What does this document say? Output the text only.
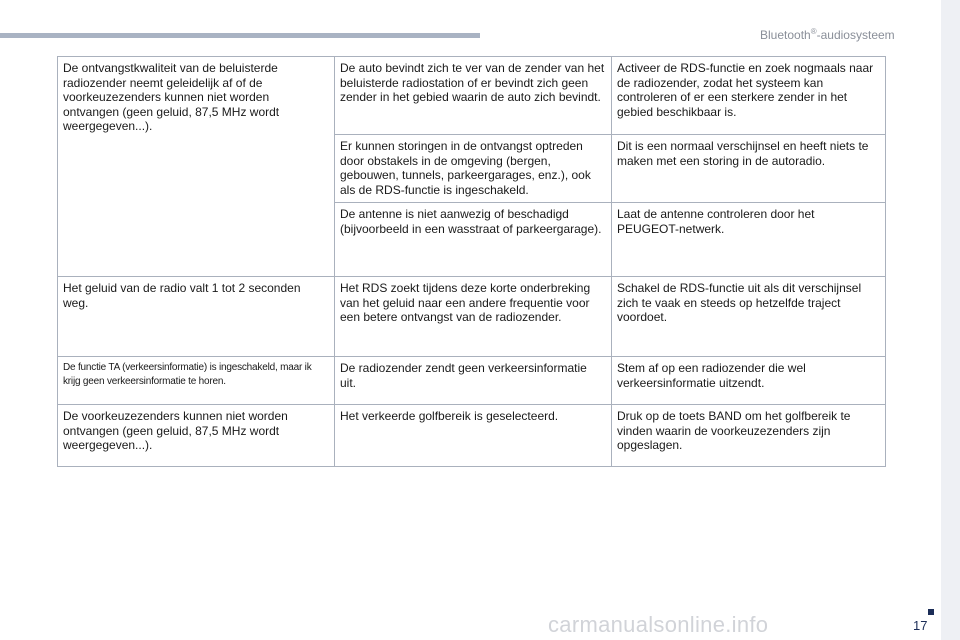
Bluetooth®-audiosysteem
17
carmanualsonline.info
De ontvangstkwaliteit van de beluisterde radiozender neemt geleidelijk af of de voorkeuzezenders kunnen niet worden ontvangen (geen geluid, 87,5 MHz wordt weergegeven...).	De auto bevindt zich te ver van de zender van het beluisterde radiostation of er bevindt zich geen zender in het gebied waarin de auto zich bevindt.	Activeer de RDS-functie en zoek nogmaals naar de radiozender, zodat het systeem kan controleren of er een sterkere zender in het gebied beschikbaar is.
	Er kunnen storingen in de ontvangst optreden door obstakels in de omgeving (bergen, gebouwen, tunnels, parkeergarages, enz.), ook als de RDS-functie is ingeschakeld.	Dit is een normaal verschijnsel en heeft niets te maken met een storing in de autoradio.
	De antenne is niet aanwezig of beschadigd (bijvoorbeeld in een wasstraat of parkeergarage).	Laat de antenne controleren door het PEUGEOT-netwerk.
Het geluid van de radio valt 1 tot 2 seconden weg.	Het RDS zoekt tijdens deze korte onderbreking van het geluid naar een andere frequentie voor een betere ontvangst van de radiozender.	Schakel de RDS-functie uit als dit verschijnsel zich te vaak en steeds op hetzelfde traject voordoet.
De functie TA (verkeersinformatie) is ingeschakeld, maar ik krijg geen verkeersinformatie te horen.	De radiozender zendt geen verkeersinformatie uit.	Stem af op een radiozender die wel verkeersinformatie uitzendt.
De voorkeuzezenders kunnen niet worden ontvangen (geen geluid, 87,5 MHz wordt weergegeven...).	Het verkeerde golfbereik is geselecteerd.	Druk op de toets BAND om het golfbereik te vinden waarin de voorkeuzezenders zijn opgeslagen.
